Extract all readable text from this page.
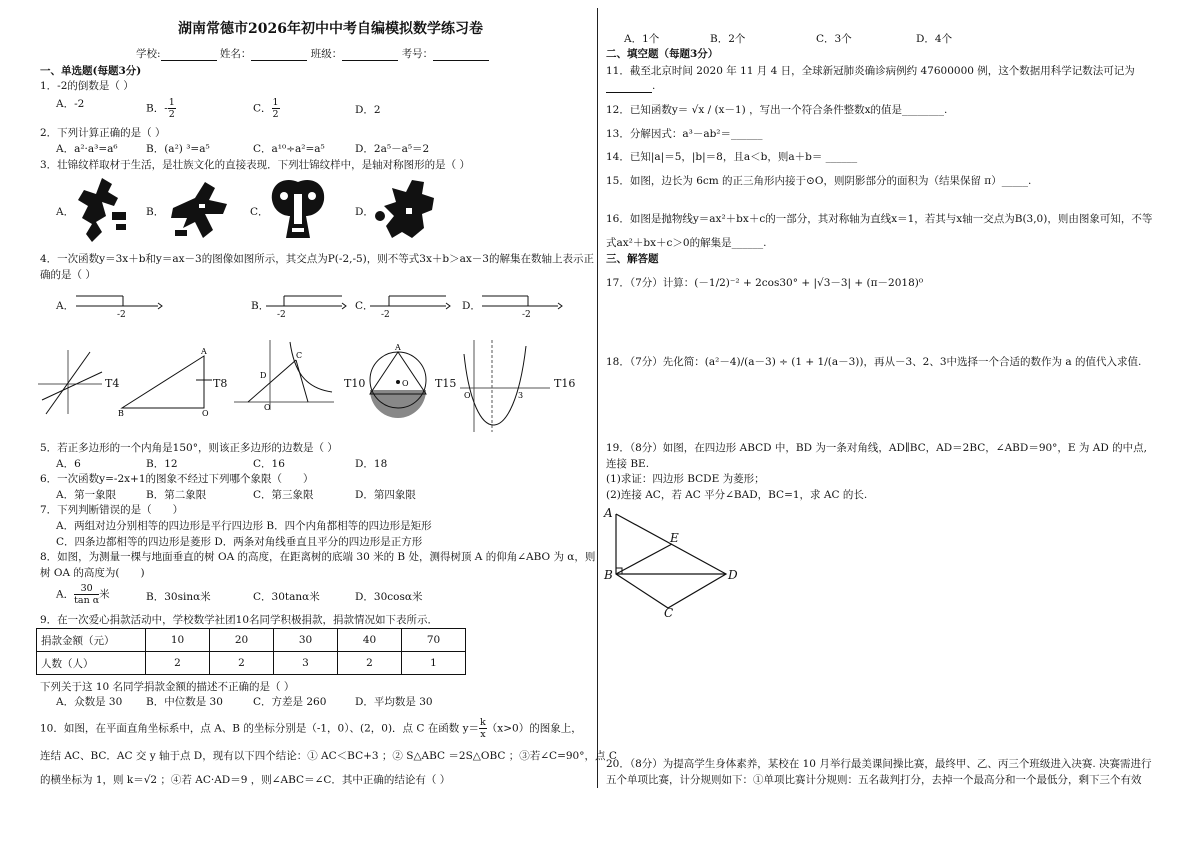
湖南常德市2026年初中中考自编模拟数学练习卷
学校:	姓名：	班级：	考号：
一、单选题(每题3分)
1．-2的倒数是（ ）
A．-2	B．- $\frac{1}{2}$	C． $\frac{1}{2}$	D．2
2．下列计算正确的是（ ）
A．a²·a³=a⁶	B．(a²) ³=a⁵	C．a¹⁰÷a²=a⁵	D．2a⁵－a⁵＝2
3．壮锦纹样取材于生活，是壮族文化的直接表现．下列壮锦纹样中，是轴对称图形的是（ ）
A．	B．	C．	D．
4．一次函数y＝3x＋b和y＝ax－3的图像如图所示，其交点为P(-2,-5)，则不等式3x＋b＞ax－3的解集在数轴上表示正
确的是（ ）
A．	B．	C．	D．
-2	-2	-2	-2
T4
A
B	O
T8
C
D
O
T10	O
A
T15
O	3
T16
5．若正多边形的一个内角是150°，则该正多边形的边数是（ ）
A．6	B．12	C．16	D．18
6．一次函数y=-2x+1的图象不经过下列哪个象限（　　）
A．第一象限	B．第二象限	C．第三象限	D．第四象限
7．下列判断错误的是（　　）
A．两组对边分别相等的四边形是平行四边形 B．四个内角都相等的四边形是矩形
C．四条边都相等的四边形是菱形 D．两条对角线垂直且平分的四边形是正方形
8．如图，为测量一棵与地面垂直的树 OA 的高度，在距离树的底端 30 米的 B 处，测得树顶 A 的仰角∠ABO 为 α，则
树 OA 的高度为(　　)
A． $\frac{30}{\text{tan α}}$ 米	B．30sinα米	C．30tanα米	D．30cosα米
9．在一次爱心捐款活动中，学校数学社团10名同学积极捐款，捐款情况如下表所示．
捐款金额（元）	10	20	30	40	70
人数（人）	2	2	3	2	1
下列关于这 10 名同学捐款金额的描述不正确的是（ ）
A．众数是 30 B．中位数是 30	C．方差是 260	D．平均数是 30
10．如图，在平面直角坐标系中，点 A、B 的坐标分别是（-1，0）、(2，0)．点 C 在函数 $y= \frac{k}{x} (x>0)$的图象上，
连结 AC、BC．AC 交 y 轴于点 D，现有以下四个结论：① AC＜BC+3 ；② S△ABC ＝2S△OBC ；③若∠C=90°，点 C
的横坐标为 1，则 k＝√2 ；④若 AC·AD＝9 ，则∠ABC＝∠C．其中正确的结论有（ ）
A．1个	B．2个	C．3个	D．4个
二、填空题（每题3分）
11．截至北京时间 2020 年 11 月 4 日，全球新冠肺炎确诊病例约 47600000 例，这个数据用科学记数法可记为
.
12．已知函数y＝ √x / (x－1) ，写出一个符合条件整数x的值是________.
13．分解因式：a³－ab²＝______
14．已知|a|＝5，|b|＝8，且a＜b，则a＋b＝ ______
15．如图，边长为 6cm 的正三角形内接于⊙O，则阴影部分的面积为（结果保留 π）_____.
16．如图是抛物线y＝ax²＋bx＋c的一部分，其对称轴为直线x＝1，若其与x轴一交点为B(3,0)，则由图象可知，不等
式ax²＋bx＋c＞0的解集是______.
三、解答题
17．（7分）计算：(－1/2)⁻² + 2cos30° + |√3－3| + (π－2018)⁰
18．（7分）先化简：(a²－4)/(a－3) ÷ (1 + 1/(a－3))，再从－3、2、3中选择一个合适的数作为 a 的值代入求值.
19．（8分）如图，在四边形 ABCD 中，BD 为一条对角线，AD∥BC，AD＝2BC，∠ABD＝90°，E 为 AD 的中点,
连接 BE.
(1)求证：四边形 BCDE 为菱形；
(2)连接 AC，若 AC 平分∠BAD，BC=1，求 AC 的长.
A
E
B	D
C
20．（8分）为提高学生身体素养，某校在 10 月举行最美课间操比赛，最终甲、乙、丙三个班级进入决赛. 决赛需进行
五个单项比赛，计分规则如下：①单项比赛计分规则：五名裁判打分，去掉一个最高分和一个最低分，剩下三个有效
